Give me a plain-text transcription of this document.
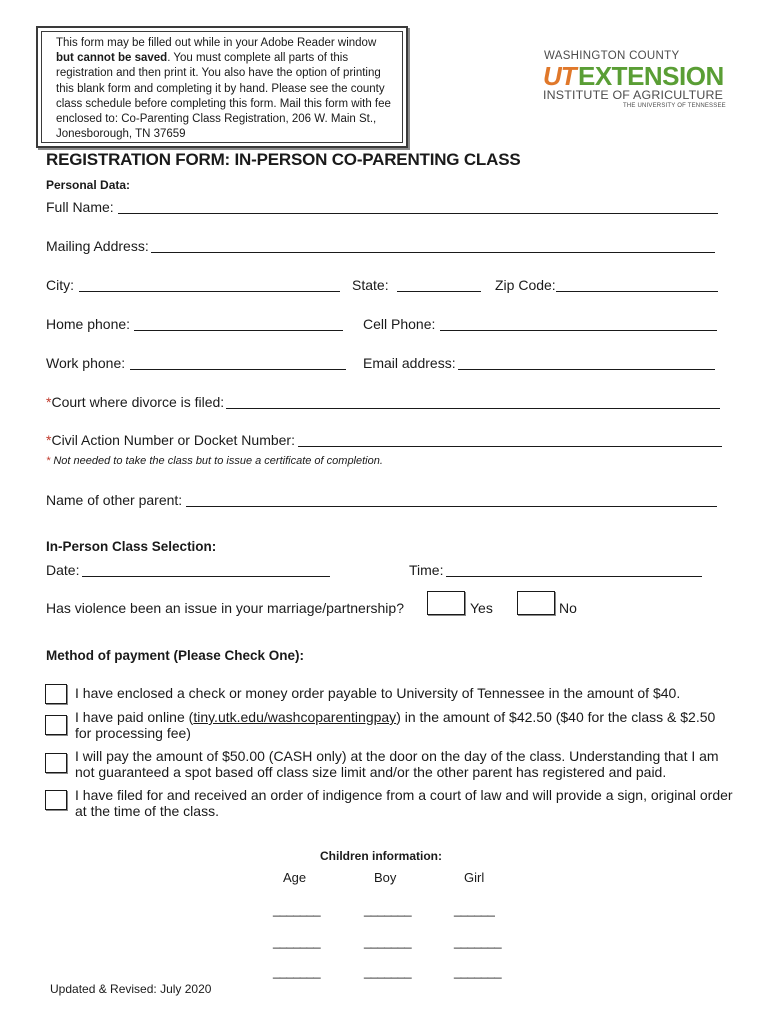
This form may be filled out while in your Adobe Reader window but cannot be saved. You must complete all parts of this registration and then print it. You also have the option of printing this blank form and completing it by hand. Please see the county class schedule before completing this form. Mail this form with fee enclosed to: Co-Parenting Class Registration, 206 W. Main St., Jonesborough, TN 37659
WASHINGTON COUNTY
UT EXTENSION
INSTITUTE OF AGRICULTURE
THE UNIVERSITY OF TENNESSEE
REGISTRATION FORM: IN-PERSON CO-PARENTING CLASS
Personal Data:
Full Name:
Mailing Address:
City:	State:	Zip Code:
Home phone:	Cell Phone:
Work phone:	Email address:
*Court where divorce is filed:
*Civil Action Number or Docket Number:
* Not needed to take the class but to issue a certificate of completion.
Name of other parent:
In-Person Class Selection:
Date:	Time:
Has violence been an issue in your marriage/partnership?	Yes	No
Method of payment (Please Check One):
I have enclosed a check or money order payable to University of Tennessee in the amount of $40.
I have paid online (tiny.utk.edu/washcoparentingpay) in the amount of $42.50 ($40 for the class & $2.50 for processing fee)
I will pay the amount of $50.00 (CASH only) at the door on the day of the class. Understanding that I am not guaranteed a spot based off class size limit and/or the other parent has registered and paid.
I have filed for and received an order of indigence from a court of law and will provide a sign, original order at the time of the class.
Children information:
Age	Boy	Girl
_______	_______	______
_______	_______	_______
_______	_______	_______
Updated & Revised: July 2020
